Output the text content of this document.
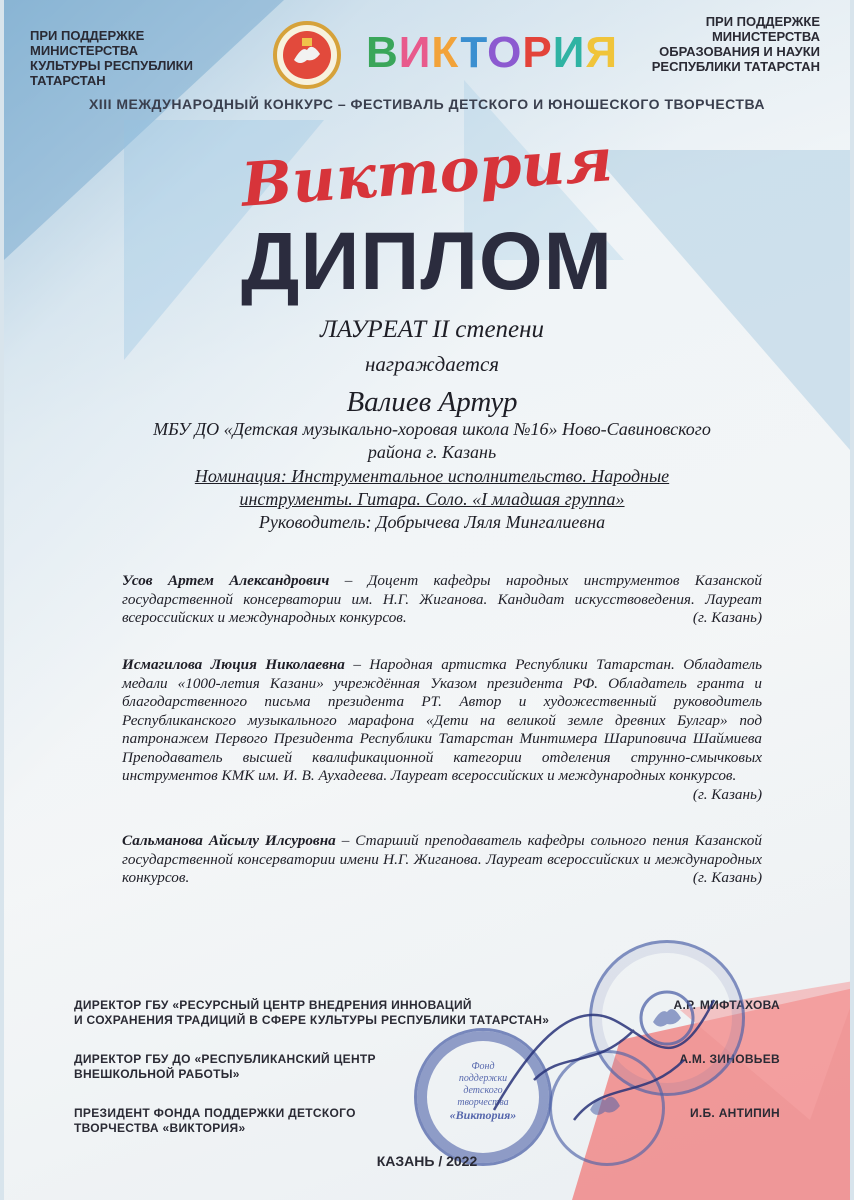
ПРИ ПОДДЕРЖКЕ
МИНИСТЕРСТВА
КУЛЬТУРЫ РЕСПУБЛИКИ
ТАТАРСТАН
ВИКТОРИЯ
ПРИ ПОДДЕРЖКЕ
МИНИСТЕРСТВА
ОБРАЗОВАНИЯ И НАУКИ
РЕСПУБЛИКИ ТАТАРСТАН
XIII МЕЖДУНАРОДНЫЙ КОНКУРС – ФЕСТИВАЛЬ ДЕТСКОГО И ЮНОШЕСКОГО ТВОРЧЕСТВА
Виктория
ДИПЛОМ
ЛАУРЕАТ II степени
награждается
Валиев Артур
МБУ ДО «Детская музыкально-хоровая школа №16» Ново-Савиновского
района г. Казань
Номинация: Инструментальное исполнительство. Народные
инструменты. Гитара. Соло. «I младшая группа»
Руководитель: Добрычева Ляля Мингалиевна
Усов Артем Александрович – Доцент кафедры народных инструментов Казанской государственной консерватории им. Н.Г. Жиганова. Кандидат искусствоведения. Лауреат всероссийских и международных конкурсов.	(г. Казань)
Исмагилова Люция Николаевна – Народная артистка Республики Татарстан. Обладатель медали «1000-летия Казани» учреждённая Указом президента РФ. Обладатель гранта и благодарственного письма президента РТ. Автор и художественный руководитель Республиканского музыкального марафона «Дети на великой земле древних Булгар» под патронажем Первого Президента Республики Татарстан Минтимера Шариповича Шаймиева Преподаватель высшей квалификационной категории отделения струнно-смычковых инструментов КМК им. И. В. Аухадеева. Лауреат всероссийских и международных конкурсов.
(г. Казань)
Сальманова Айсылу Илсуровна – Старший преподаватель кафедры сольного пения Казанской государственной консерватории имени Н.Г. Жиганова. Лауреат всероссийских и международных конкурсов.	(г. Казань)
ДИРЕКТОР ГБУ «РЕСУРСНЫЙ ЦЕНТР ВНЕДРЕНИЯ ИННОВАЦИЙ
И СОХРАНЕНИЯ ТРАДИЦИЙ В СФЕРЕ КУЛЬТУРЫ РЕСПУБЛИКИ ТАТАРСТАН»
А.Р. МИФТАХОВА
ДИРЕКТОР ГБУ ДО «РЕСПУБЛИКАНСКИЙ ЦЕНТР
ВНЕШКОЛЬНОЙ РАБОТЫ»
А.М. ЗИНОВЬЕВ
ПРЕЗИДЕНТ ФОНДА ПОДДЕРЖКИ ДЕТСКОГО
ТВОРЧЕСТВА «ВИКТОРИЯ»
И.Б. АНТИПИН
Фонд
поддержки
детского
творчества
«Виктория»
КАЗАНЬ / 2022
